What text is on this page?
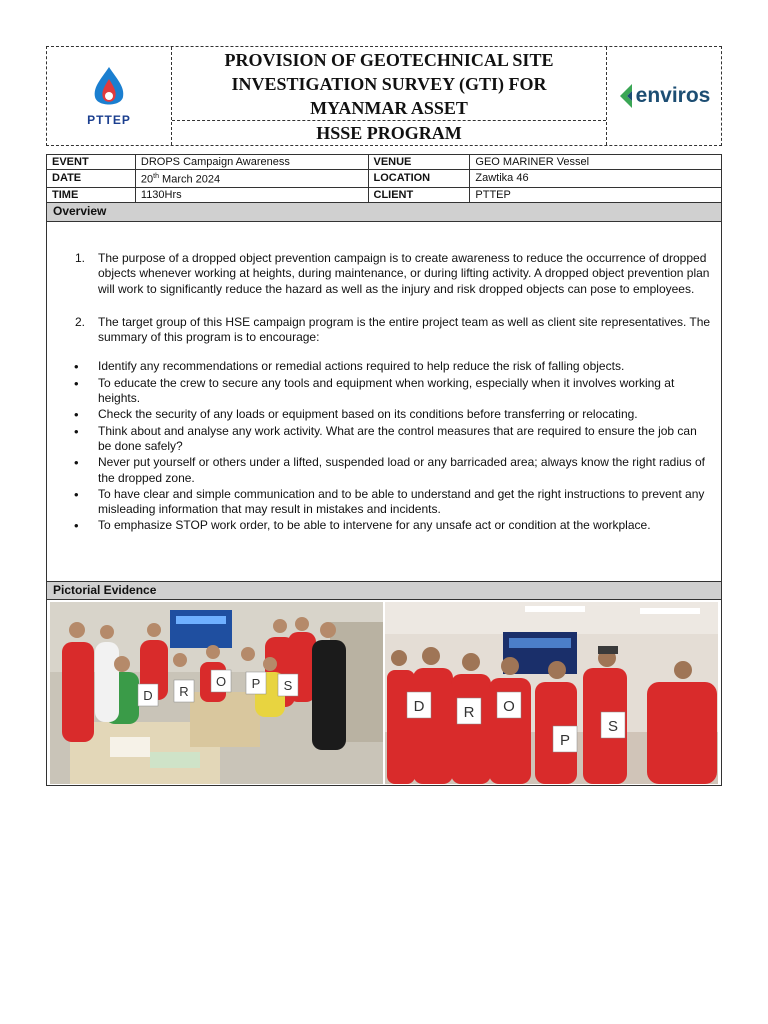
PTTEP
PROVISION OF GEOTECHNICAL SITE INVESTIGATION SURVEY (GTI) FOR MYANMAR ASSET
HSSE PROGRAM
enviros
EVENT	DROPS Campaign Awareness	VENUE	GEO MARINER Vessel
DATE	20th March 2024	LOCATION	Zawtika 46
TIME	1130Hrs	CLIENT	PTTEP
Overview
1. The purpose of a dropped object prevention campaign is to create awareness to reduce the occurrence of dropped objects whenever working at heights, during maintenance, or during lifting activity. A dropped object prevention plan will work to significantly reduce the hazard as well as the injury and risk dropped objects can pose to employees.
2. The target group of this HSE campaign program is the entire project team as well as client site representatives. The summary of this program is to encourage:
• Identify any recommendations or remedial actions required to help reduce the risk of falling objects.
• To educate the crew to secure any tools and equipment when working, especially when it involves working at heights.
• Check the security of any loads or equipment based on its conditions before transferring or relocating.
• Think about and analyse any work activity. What are the control measures that are required to ensure the job can be done safely?
• Never put yourself or others under a lifted, suspended load or any barricaded area; always know the right radius of the dropped zone.
• To have clear and simple communication and to be able to understand and get the right instructions to prevent any misleading information that may result in mistakes and incidents.
• To emphasize STOP work order, to be able to intervene for any unsafe act or condition at the workplace.
Pictorial Evidence
D R
O P S
D	R O
P
S
